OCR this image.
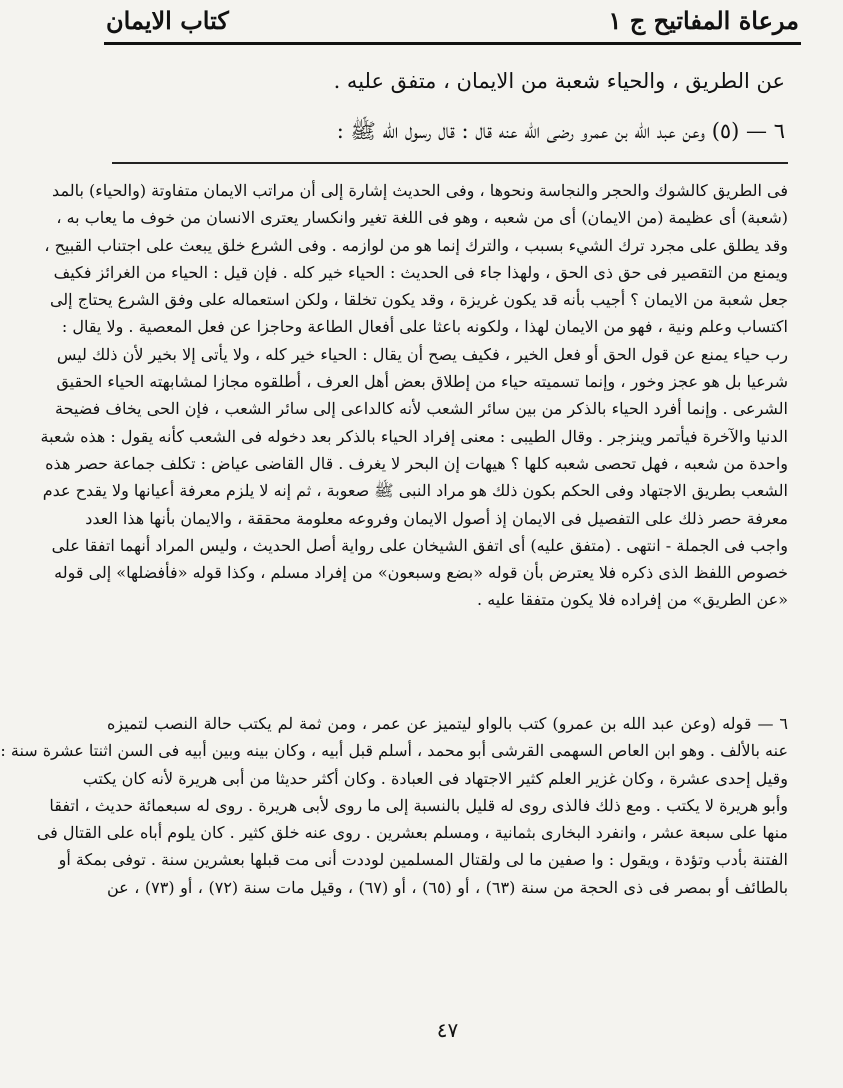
مرعاة المفاتيح ج ١
كتاب الايمان
عن الطريق ، والحياء شعبة من الايمان ، متفق عليه .
٦ — (٥) وعن عبد الله بن عمرو رضى الله عنه قال : قال رسول الله ﷺ :

فى الطريق كالشوك والحجر والنجاسة ونحوها ، وفى الحديث إشارة إلى أن مراتب الايمان متفاوتة (والحياء) بالمد

(شعبة) أى عظيمة (من الايمان) أى من شعبه ، وهو فى اللغة تغير وانكسار يعترى الانسان من خوف ما يعاب به ،

وقد يطلق على مجرد ترك الشيء بسبب ، والترك إنما هو من لوازمه . وفى الشرع خلق يبعث على اجتناب القبيح ،

ويمنع من التقصير فى حق ذى الحق ، ولهذا جاء فى الحديث : الحياء خير كله . فإن قيل : الحياء من الغرائز فكيف

جعل شعبة من الايمان ؟ أجيب بأنه قد يكون غريزة ، وقد يكون تخلقا ، ولكن استعماله على وفق الشرع يحتاج إلى

اكتساب وعلم ونية ، فهو من الايمان لهذا ، ولكونه باعثا على أفعال الطاعة وحاجزا عن فعل المعصية . ولا يقال :

رب حياء يمنع عن قول الحق أو فعل الخير ، فكيف يصح أن يقال : الحياء خير كله ، ولا يأتى إلا بخير لأن ذلك ليس

شرعيا بل هو عجز وخور ، وإنما تسميته حياء من إطلاق بعض أهل العرف ، أطلقوه مجازا لمشابهته الحياء الحقيق

الشرعى . وإنما أفرد الحياء بالذكر من بين سائر الشعب لأنه كالداعى إلى سائر الشعب ، فإن الحى يخاف فضيحة

الدنيا والآخرة فيأتمر وينزجر . وقال الطيبى : معنى إفراد الحياء بالذكر بعد دخوله فى الشعب كأنه يقول : هذه شعبة

واحدة من شعبه ، فهل تحصى شعبه كلها ؟ هيهات إن البحر لا يغرف . قال القاضى عياض : تكلف جماعة حصر هذه

الشعب بطريق الاجتهاد وفى الحكم بكون ذلك هو مراد النبى ﷺ صعوبة ، ثم إنه لا يلزم معرفة أعيانها ولا يقدح عدم

معرفة حصر ذلك على التفصيل فى الايمان إذ أصول الايمان وفروعه معلومة محققة ، والايمان بأنها هذا العدد

واجب فى الجملة - انتهى . (متفق عليه) أى اتفق الشيخان على رواية أصل الحديث ، وليس المراد أنهما اتفقا على

خصوص اللفظ الذى ذكره فلا يعترض بأن قوله «بضع وسبعون» من إفراد مسلم ، وكذا قوله «فأفضلها» إلى قوله

«عن الطريق» من إفراده فلا يكون متفقا عليه .

٦ — قوله (وعن عبد الله بن عمرو) كتب بالواو ليتميز عن عمر ، ومن ثمة لم يكتب حالة النصب لتميزه

عنه بالألف . وهو ابن العاص السهمى القرشى أبو محمد ، أسلم قبل أبيه ، وكان بينه وبين أبيه فى السن اثنتا عشرة سنة :

وقيل إحدى عشرة ، وكان غزير العلم كثير الاجتهاد فى العبادة . وكان أكثر حديثا من أبى هريرة لأنه كان يكتب

وأبو هريرة لا يكتب . ومع ذلك فالذى روى له قليل بالنسبة إلى ما روى لأبى هريرة . روى له سبعمائة حديث ، اتفقا

منها على سبعة عشر ، وانفرد البخارى بثمانية ، ومسلم بعشرين . روى عنه خلق كثير . كان يلوم أباه على القتال فى

الفتنة بأدب وتؤدة ، ويقول : وا صفين ما لى ولقتال المسلمين لوددت أنى مت قبلها بعشرين سنة . توفى بمكة أو

بالطائف أو بمصر فى ذى الحجة من سنة (٦٣) ، أو (٦٥) ، أو (٦٧) ، وقيل مات سنة (٧٢) ، أو (٧٣) ، عن

٤٧
